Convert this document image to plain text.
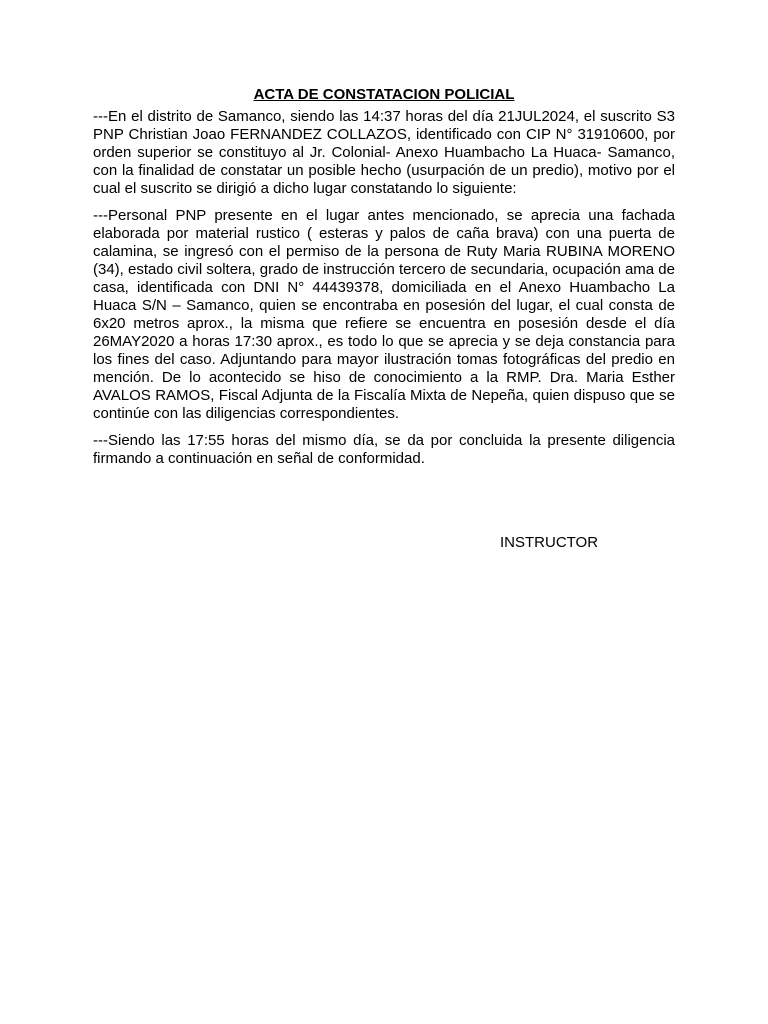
ACTA DE CONSTATACION POLICIAL

---En el distrito de Samanco, siendo las 14:37 horas del día 21JUL2024, el suscrito S3 PNP Christian Joao FERNANDEZ COLLAZOS, identificado con CIP N° 31910600, por orden superior se constituyo al Jr. Colonial- Anexo Huambacho La Huaca- Samanco, con la finalidad de constatar un posible hecho (usurpación de un predio), motivo por el cual el suscrito se dirigió a dicho lugar constatando lo siguiente:

---Personal PNP presente en el lugar antes mencionado, se aprecia una fachada elaborada por material rustico ( esteras y palos de caña brava) con una puerta de calamina, se ingresó con el permiso de la persona de Ruty Maria RUBINA MORENO (34), estado civil soltera, grado de instrucción tercero de secundaria, ocupación ama de casa, identificada con DNI N° 44439378, domiciliada en el Anexo Huambacho La Huaca S/N – Samanco, quien se encontraba en posesión del lugar, el cual consta de 6x20 metros aprox., la misma que refiere se encuentra en posesión desde el día 26MAY2020 a horas 17:30 aprox., es todo lo que se aprecia y se deja constancia para los fines del caso. Adjuntando para mayor ilustración tomas fotográficas del predio en mención. De lo acontecido se hiso de conocimiento a la RMP. Dra. Maria Esther AVALOS RAMOS, Fiscal Adjunta de la Fiscalía Mixta de Nepeña, quien dispuso que se continúe con las diligencias correspondientes.

---Siendo las 17:55 horas del mismo día, se da por concluida la presente diligencia firmando a continuación en señal de conformidad.

INSTRUCTOR
